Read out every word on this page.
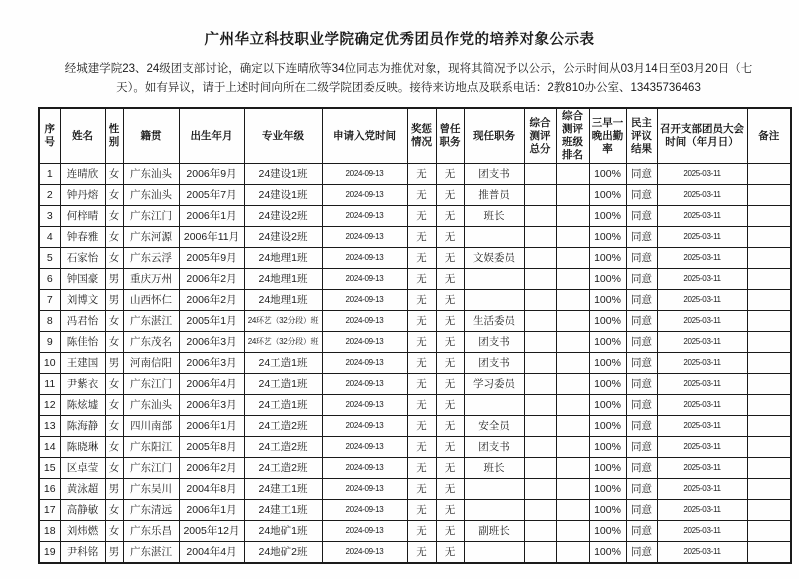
广州华立科技职业学院确定优秀团员作党的培养对象公示表
经城建学院23、24级团支部讨论，确定以下连晴欣等34位同志为推优对象，现将其简况予以公示，公示时间从03月14日至03月20日（七
天）。如有异议，请于上述时间向所在二级学院团委反映。接待来访地点及联系电话：2教810办公室、13435736463
序号	姓名	性别	籍贯	出生年月	专业年级	申请入党时间	奖惩情况	曾任职务	现任职务	综合测评总分	综合测评班级排名	三早一晚出勤率	民主评议结果	召开支部团员大会时间（年月日）	备注
1	连晴欣	女	广东汕头	2006年9月	24建设1班	2024-09-13	无	无	团支书			100%	同意	2025-03-11	
2	钟丹熔	女	广东汕头	2005年7月	24建设1班	2024-09-13	无	无	推普员			100%	同意	2025-03-11	
3	何梓晴	女	广东江门	2006年1月	24建设2班	2024-09-13	无	无	班长			100%	同意	2025-03-11	
4	钟春雅	女	广东河源	2006年11月	24建设2班	2024-09-13	无	无				100%	同意	2025-03-11	
5	石家怡	女	广东云浮	2005年9月	24地理1班	2024-09-13	无	无	文娱委员			100%	同意	2025-03-11	
6	钟国豪	男	重庆万州	2006年2月	24地理1班	2024-09-13	无	无				100%	同意	2025-03-11	
7	刘博文	男	山西怀仁	2006年2月	24地理1班	2024-09-13	无	无				100%	同意	2025-03-11	
8	冯君怡	女	广东湛江	2005年1月	24环艺（32分段）班	2024-09-13	无	无	生活委员			100%	同意	2025-03-11	
9	陈佳怡	女	广东茂名	2006年3月	24环艺（32分段）班	2024-09-13	无	无	团支书			100%	同意	2025-03-11	
10	王建国	男	河南信阳	2006年3月	24工造1班	2024-09-13	无	无	团支书			100%	同意	2025-03-11	
11	尹紫衣	女	广东江门	2006年4月	24工造1班	2024-09-13	无	无	学习委员			100%	同意	2025-03-11	
12	陈炫墟	女	广东汕头	2006年3月	24工造1班	2024-09-13	无	无				100%	同意	2025-03-11	
13	陈海静	女	四川南部	2006年1月	24工造2班	2024-09-13	无	无	安全员			100%	同意	2025-03-11	
14	陈晓琳	女	广东阳江	2005年8月	24工造2班	2024-09-13	无	无	团支书			100%	同意	2025-03-11	
15	区卓莹	女	广东江门	2006年2月	24工造2班	2024-09-13	无	无	班长			100%	同意	2025-03-11	
16	黄泳超	男	广东吴川	2004年8月	24建工1班	2024-09-13	无	无				100%	同意	2025-03-11	
17	高静敏	女	广东清远	2006年1月	24建工1班	2024-09-13	无	无				100%	同意	2025-03-11	
18	刘炜燃	女	广东乐昌	2005年12月	24地矿1班	2024-09-13	无	无	副班长			100%	同意	2025-03-11	
19	尹科铭	男	广东湛江	2004年4月	24地矿2班	2024-09-13	无	无				100%	同意	2025-03-11	
